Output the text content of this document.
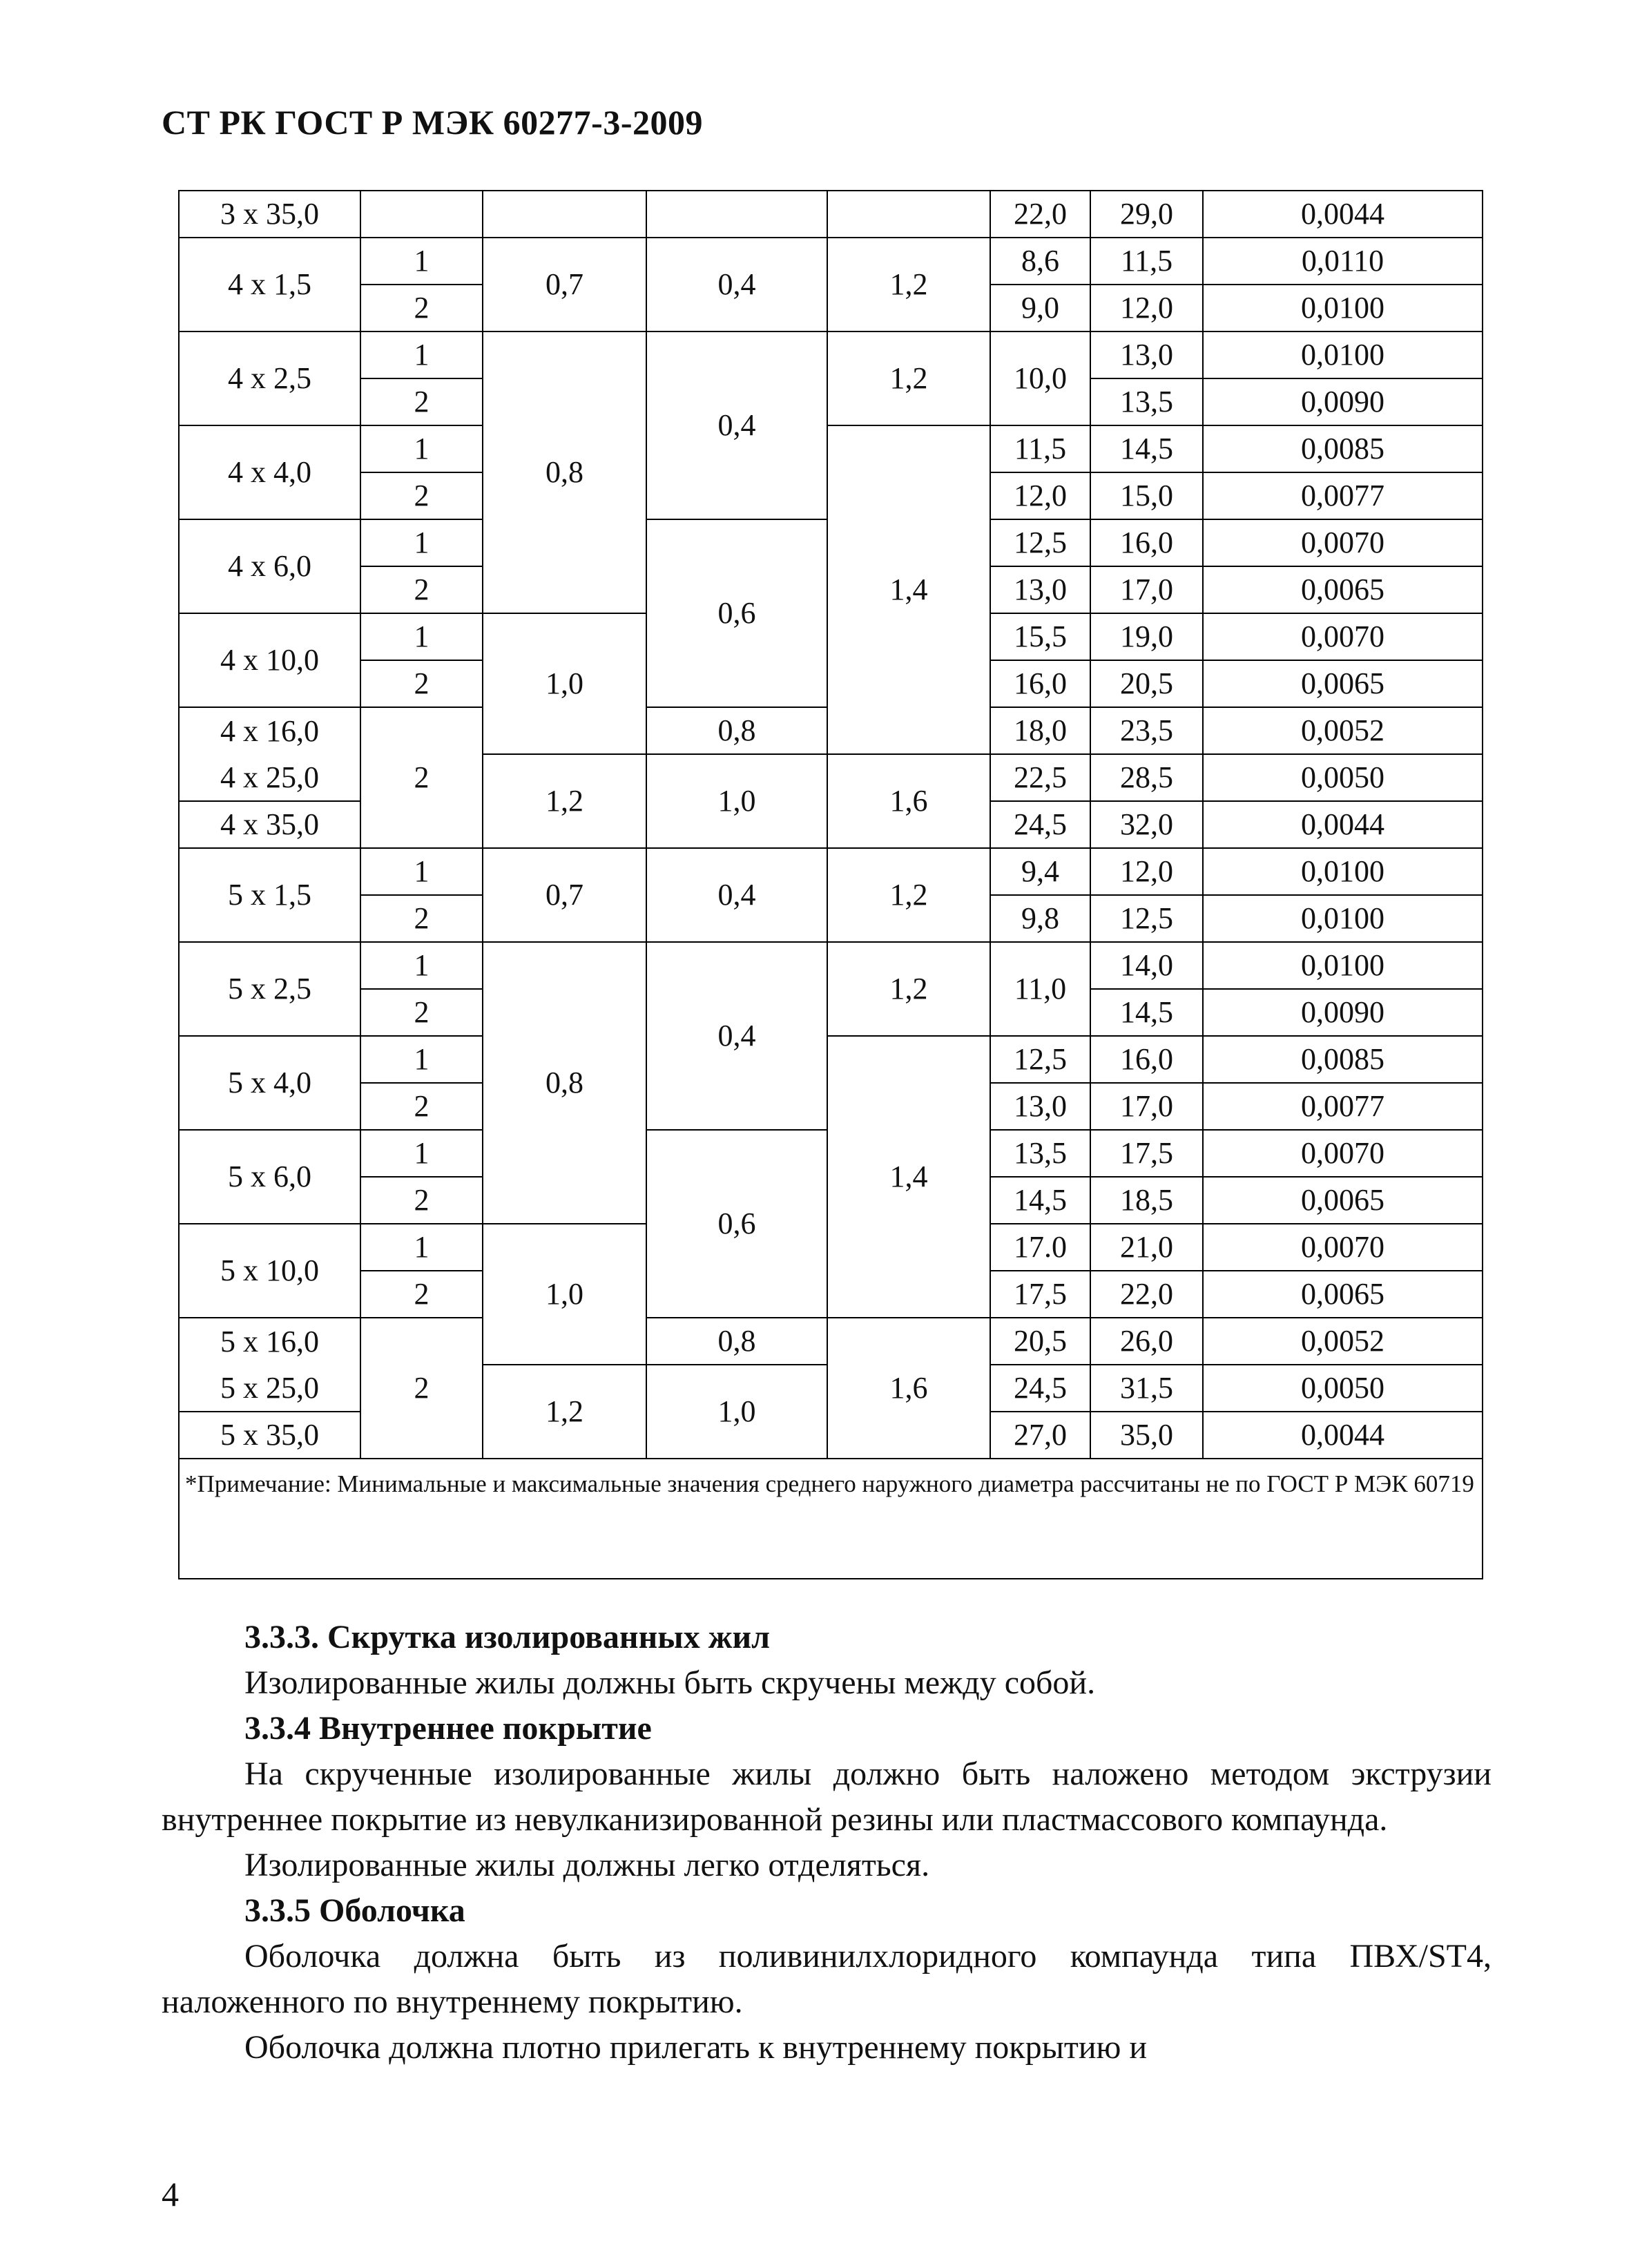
СТ РК ГОСТ Р МЭК 60277-3-2009
3 x 35,0					22,0	29,0	0,0044
4 x 1,5	1	0,7	0,4	1,2	8,6	11,5	0,0110
	2				9,0	12,0	0,0100
4 x 2,5	1	0,8	0,4	1,2	10,0	13,0	0,0100
	2					13,5	0,0090
4 x 4,0	1			1,4	11,5	14,5	0,0085
	2				12,0	15,0	0,0077
4 x 6,0	1		0,6		12,5	16,0	0,0070
	2				13,0	17,0	0,0065
4 x 10,0	1	1,0			15,5	19,0	0,0070
	2				16,0	20,5	0,0065
4 x 16,0	2		0,8		18,0	23,5	0,0052
4 x 25,0		1,2	1,0	1,6	22,5	28,5	0,0050
4 x 35,0					24,5	32,0	0,0044
5 x 1,5	1	0,7	0,4	1,2	9,4	12,0	0,0100
	2				9,8	12,5	0,0100
5 x 2,5	1	0,8	0,4	1,2	11,0	14,0	0,0100
	2					14,5	0,0090
5 x 4,0	1			1,4	12,5	16,0	0,0085
	2				13,0	17,0	0,0077
5 x 6,0	1		0,6		13,5	17,5	0,0070
	2				14,5	18,5	0,0065
5 x 10,0	1	1,0			17.0	21,0	0,0070
	2				17,5	22,0	0,0065
5 x 16,0	2		0,8	1,6	20,5	26,0	0,0052
5 x 25,0		1,2	1,0		24,5	31,5	0,0050
5 x 35,0					27,0	35,0	0,0044
*Примечание: Минимальные и максимальные значения среднего наружного диаметра рассчитаны не по ГОСТ Р МЭК 60719							

3.3.3. Скрутка изолированных жил

Изолированные жилы должны быть скручены между собой.

3.3.4 Внутреннее покрытие

На скрученные изолированные жилы должно быть наложено методом экструзии внутреннее покрытие из невулканизированной резины или пластмассового компаунда.

Изолированные жилы должны легко отделяться.

3.3.5 Оболочка

Оболочка должна быть из поливинилхлоридного компаунда типа ПВХ/ST4, наложенного по внутреннему покрытию.

Оболочка должна плотно прилегать к внутреннему покрытию и

4
